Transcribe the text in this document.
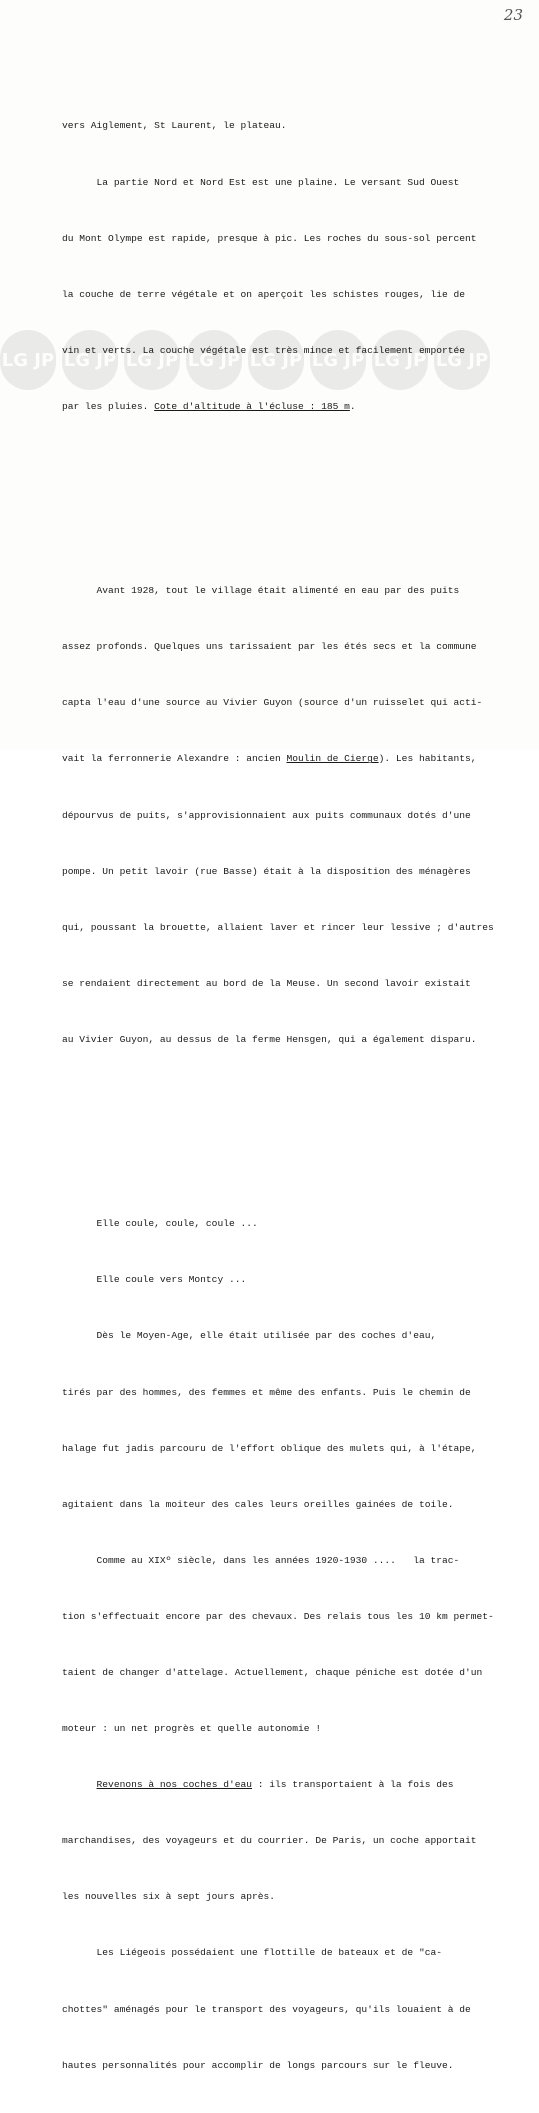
23
LG JP LG JP LG JP LG JP LG JP LG JP LG JP LG JP

vers Aiglement, St Laurent, le plateau.

La partie Nord et Nord Est est une plaine. Le versant Sud Ouest

du Mont Olympe est rapide, presque à pic. Les roches du sous-sol percent

la couche de terre végétale et on aperçoit les schistes rouges, lie de

vin et verts. La couche végétale est très mince et facilement emportée

par les pluies. Cote d'altitude à l'écluse : 185 m.

Avant 1928, tout le village était alimenté en eau par des puits

assez profonds. Quelques uns tarissaient par les étés secs et la commune

capta l'eau d'une source au Vivier Guyon (source d'un ruisselet qui acti-

vait la ferronnerie Alexandre : ancien Moulin de Cierge). Les habitants,

dépourvus de puits, s'approvisionnaient aux puits communaux dotés d'une

pompe. Un petit lavoir (rue Basse) était à la disposition des ménagères

qui, poussant la brouette, allaient laver et rincer leur lessive ; d'autres

se rendaient directement au bord de la Meuse. Un second lavoir existait

au Vivier Guyon, au dessus de la ferme Hensgen, qui a également disparu.

Elle coule, coule, coule ...

Elle coule vers Montcy ...

Dès le Moyen-Age, elle était utilisée par des coches d'eau,

tirés par des hommes, des femmes et même des enfants. Puis le chemin de

halage fut jadis parcouru de l'effort oblique des mulets qui, à l'étape,

agitaient dans la moiteur des cales leurs oreilles gainées de toile.

Comme au XIXº siècle, dans les années 1920-1930 ....   la trac-

tion s'effectuait encore par des chevaux. Des relais tous les 10 km permet-

taient de changer d'attelage. Actuellement, chaque péniche est dotée d'un

moteur : un net progrès et quelle autonomie !

Revenons à nos coches d'eau : ils transportaient à la fois des

marchandises, des voyageurs et du courrier. De Paris, un coche apportait

les nouvelles six à sept jours après.

Les Liégeois possédaient une flottille de bateaux et de "ca-

chottes" aménagés pour le transport des voyageurs, qu'ils louaient à de

hautes personnalités pour accomplir de longs parcours sur le fleuve.
